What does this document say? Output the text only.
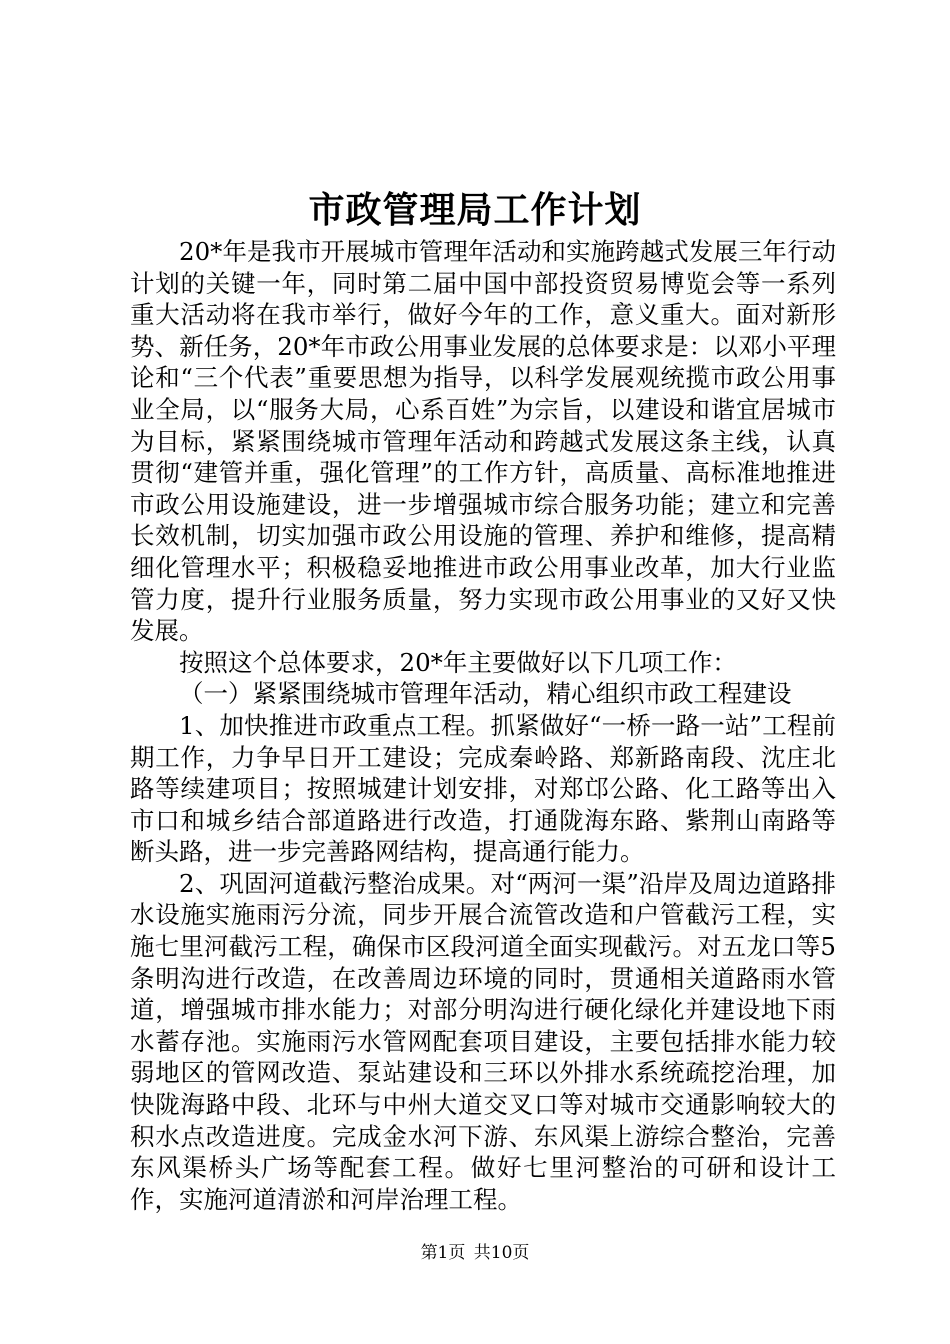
市政管理局工作计划

20*年是我市开展城市管理年活动和实施跨越式发展三年行动计划的关键一年，同时第二届中国中部投资贸易博览会等一系列重大活动将在我市举行，做好今年的工作，意义重大。面对新形势、新任务，20*年市政公用事业发展的总体要求是：以邓小平理论和“三个代表”重要思想为指导，以科学发展观统揽市政公用事业全局，以“服务大局，心系百姓”为宗旨，以建设和谐宜居城市为目标，紧紧围绕城市管理年活动和跨越式发展这条主线，认真贯彻“建管并重，强化管理”的工作方针，高质量、高标准地推进市政公用设施建设，进一步增强城市综合服务功能；建立和完善长效机制，切实加强市政公用设施的管理、养护和维修，提高精细化管理水平；积极稳妥地推进市政公用事业改革，加大行业监管力度，提升行业服务质量，努力实现市政公用事业的又好又快发展。

按照这个总体要求，20*年主要做好以下几项工作：

（一）紧紧围绕城市管理年活动，精心组织市政工程建设

1、加快推进市政重点工程。抓紧做好“一桥一路一站”工程前期工作，力争早日开工建设；完成秦岭路、郑新路南段、沈庄北路等续建项目；按照城建计划安排，对郑邙公路、化工路等出入市口和城乡结合部道路进行改造，打通陇海东路、紫荆山南路等断头路，进一步完善路网结构，提高通行能力。

2、巩固河道截污整治成果。对“两河一渠”沿岸及周边道路排水设施实施雨污分流，同步开展合流管改造和户管截污工程，实施七里河截污工程，确保市区段河道全面实现截污。对五龙口等5条明沟进行改造，在改善周边环境的同时，贯通相关道路雨水管道，增强城市排水能力；对部分明沟进行硬化绿化并建设地下雨水蓄存池。实施雨污水管网配套项目建设，主要包括排水能力较弱地区的管网改造、泵站建设和三环以外排水系统疏挖治理，加快陇海路中段、北环与中州大道交叉口等对城市交通影响较大的积水点改造进度。完成金水河下游、东风渠上游综合整治，完善东风渠桥头广场等配套工程。做好七里河整治的可研和设计工作，实施河道清淤和河岸治理工程。

第1页 共10页
